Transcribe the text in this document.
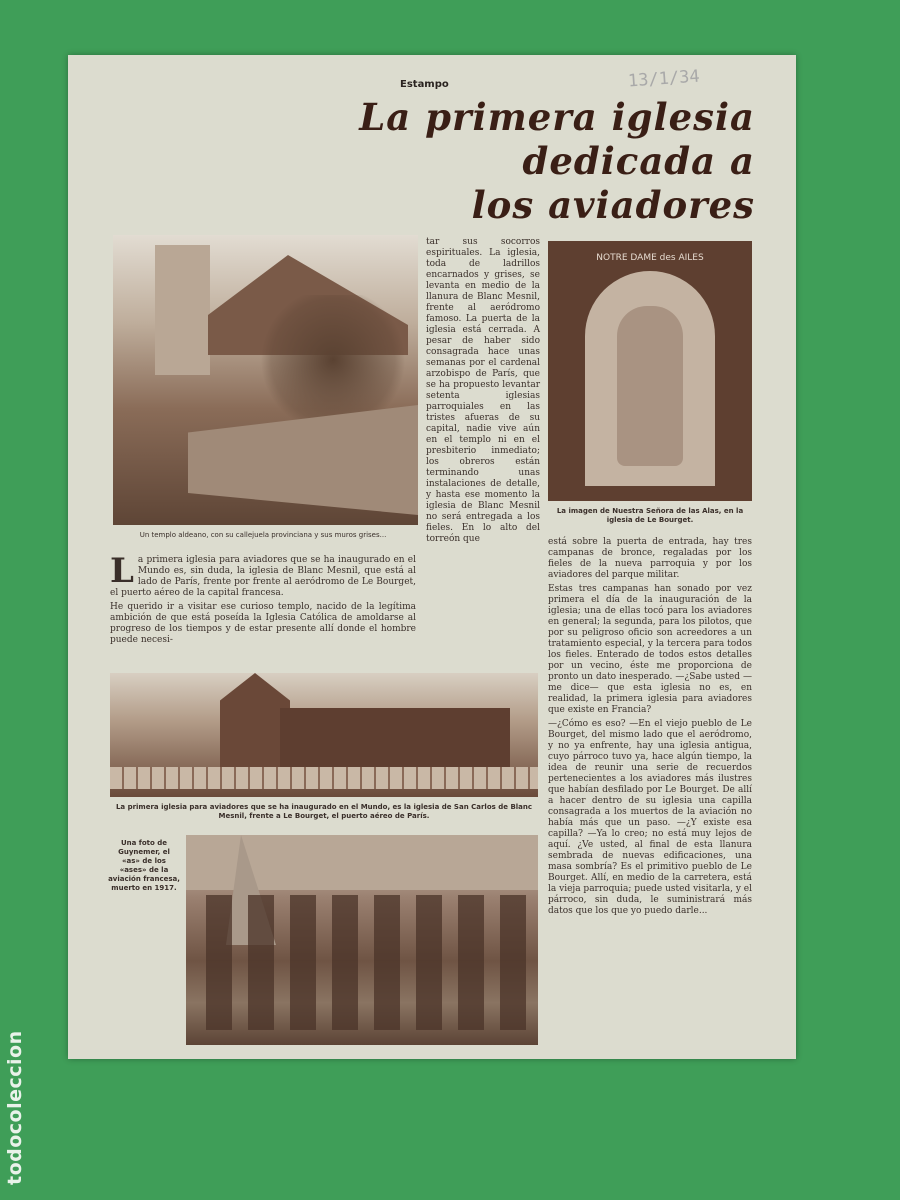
Estampo	13/1/34
La primera iglesia
dedicada a
los aviadores
Un templo aldeano, con su callejuela provinciana y sus muros grises...
tar sus socorros espirituales. La iglesia, toda de ladrillos encarnados y grises, se levanta en medio de la llanura de Blanc Mesnil, frente al aeródromo famoso. La puerta de la iglesia está cerrada. A pesar de haber sido consagrada hace unas semanas por el cardenal arzobispo de París, que se ha propuesto levantar setenta iglesias parroquiales en las tristes afueras de su capital, nadie vive aún en el templo ni en el presbiterio inmediato; los obreros están terminando unas instalaciones de detalle, y hasta ese momento la iglesia de Blanc Mesnil no será entregada a los fieles. En lo alto del torreón que
NOTRE DAME des AILES
La imagen de Nuestra Señora de las Alas, en la iglesia de Le Bourget.
La primera iglesia para aviadores que se ha inaugurado en el Mundo es, sin duda, la iglesia de Blanc Mesnil, que está al lado de París, frente por frente al aeródromo de Le Bourget, el puerto aéreo de la capital francesa.
He querido ir a visitar ese curioso templo, nacido de la legítima ambición de que está poseída la Iglesia Católica de amoldarse al progreso de los tiempos y de estar presente allí donde el hombre puede necesi-
La primera iglesia para aviadores que se ha inaugurado en el Mundo, es la iglesia de San Carlos de Blanc Mesnil, frente a Le Bourget, el puerto aéreo de París.
está sobre la puerta de entrada, hay tres campanas de bronce, regaladas por los fieles de la nueva parroquia y por los aviadores del parque militar.
Estas tres campanas han sonado por vez primera el día de la inauguración de la iglesia; una de ellas tocó para los aviadores en general; la segunda, para los pilotos, que por su peligroso oficio son acreedores a un tratamiento especial, y la tercera para todos los fieles. Enterado de todos estos detalles por un vecino, éste me proporciona de pronto un dato inesperado. —¿Sabe usted — me dice— que esta iglesia no es, en realidad, la primera iglesia para aviadores que existe en Francia?
—¿Cómo es eso? —En el viejo pueblo de Le Bourget, del mismo lado que el aeródromo, y no ya enfrente, hay una iglesia antigua, cuyo párroco tuvo ya, hace algún tiempo, la idea de reunir una serie de recuerdos pertenecientes a los aviadores más ilustres que habían desfilado por Le Bourget. De allí a hacer dentro de su iglesia una capilla consagrada a los muertos de la aviación no había más que un paso. —¿Y existe esa capilla? —Ya lo creo; no está muy lejos de aquí. ¿Ve usted, al final de esta llanura sembrada de nuevas edificaciones, una masa sombría? Es el primitivo pueblo de Le Bourget. Allí, en medio de la carretera, está la vieja parroquia; puede usted visitarla, y el párroco, sin duda, le suministrará más datos que los que yo puedo darle...
Una foto de Guynemer, el «as» de los «ases» de la aviación francesa, muerto en 1917.
todocoleccion
